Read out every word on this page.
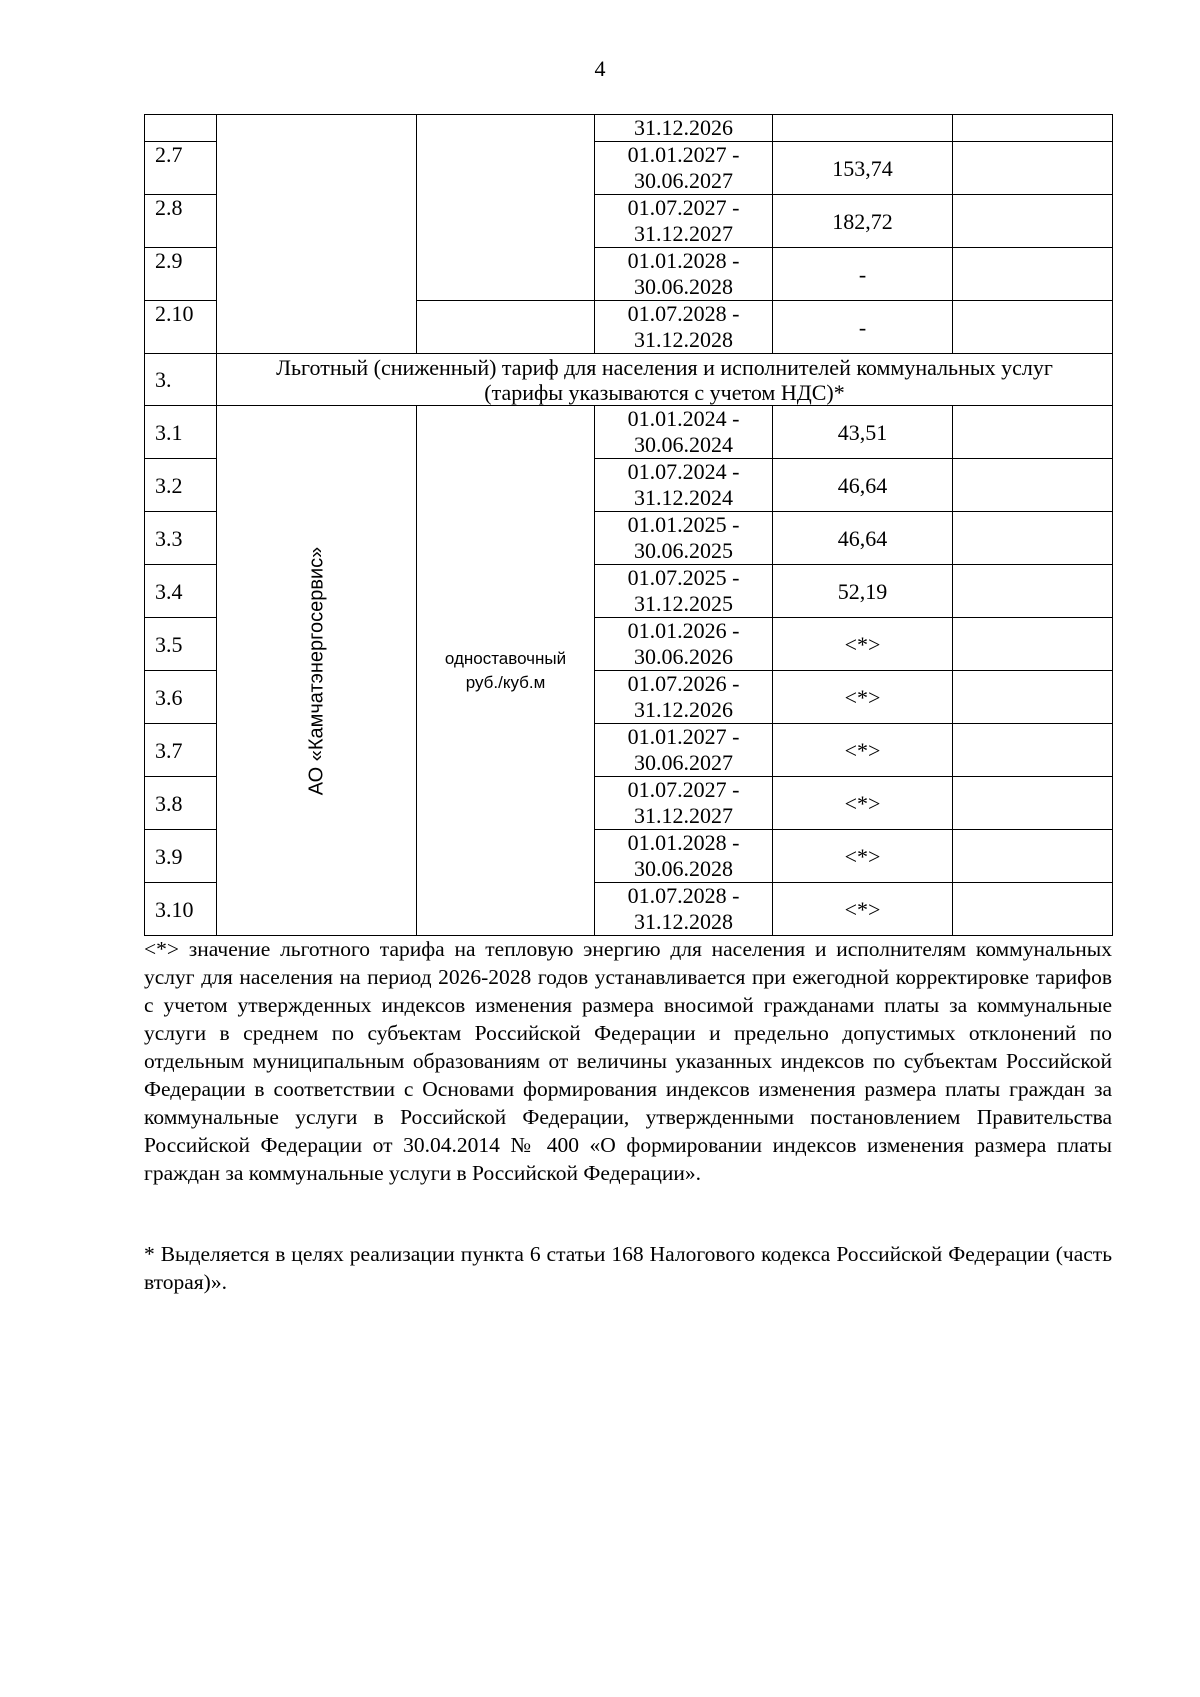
4
			31.12.2026		
2.7			01.01.2027 -
30.06.2027	153,74	
2.8			01.07.2027 -
31.12.2027	182,72	
2.9			01.01.2028 -
30.06.2028	-	
2.10			01.07.2028 -
31.12.2028	-	
3.	Льготный (сниженный) тариф для населения и исполнителей коммунальных услуг
(тарифы указываются с учетом НДС)*				
3.1	АО «Камчатэнергосервис»	одноставочный
руб./куб.м	01.01.2024 -
30.06.2024	43,51	
3.2			01.07.2024 -
31.12.2024	46,64	
3.3			01.01.2025 -
30.06.2025	46,64	
3.4			01.07.2025 -
31.12.2025	52,19	
3.5			01.01.2026 -
30.06.2026	<*>	
3.6			01.07.2026 -
31.12.2026	<*>	
3.7			01.01.2027 -
30.06.2027	<*>	
3.8			01.07.2027 -
31.12.2027	<*>	
3.9			01.01.2028 -
30.06.2028	<*>	
3.10			01.07.2028 -
31.12.2028	<*>	

<*> значение льготного тарифа на тепловую энергию для населения и исполнителям коммунальных услуг для населения на период 2026-2028 годов устанавливается при ежегодной корректировке тарифов с учетом утвержденных индексов изменения размера вносимой гражданами платы за коммунальные услуги в среднем по субъектам Российской Федерации и предельно допустимых отклонений по отдельным муниципальным образованиям от величины указанных индексов по субъектам Российской Федерации в соответствии с Основами формирования индексов изменения размера платы граждан за коммунальные услуги в Российской Федерации, утвержденными постановлением Правительства Российской Федерации от 30.04.2014 № 400 «О формировании индексов изменения размера платы граждан за коммунальные услуги в Российской Федерации».

* Выделяется в целях реализации пункта 6 статьи 168 Налогового кодекса Российской Федерации (часть вторая)».
